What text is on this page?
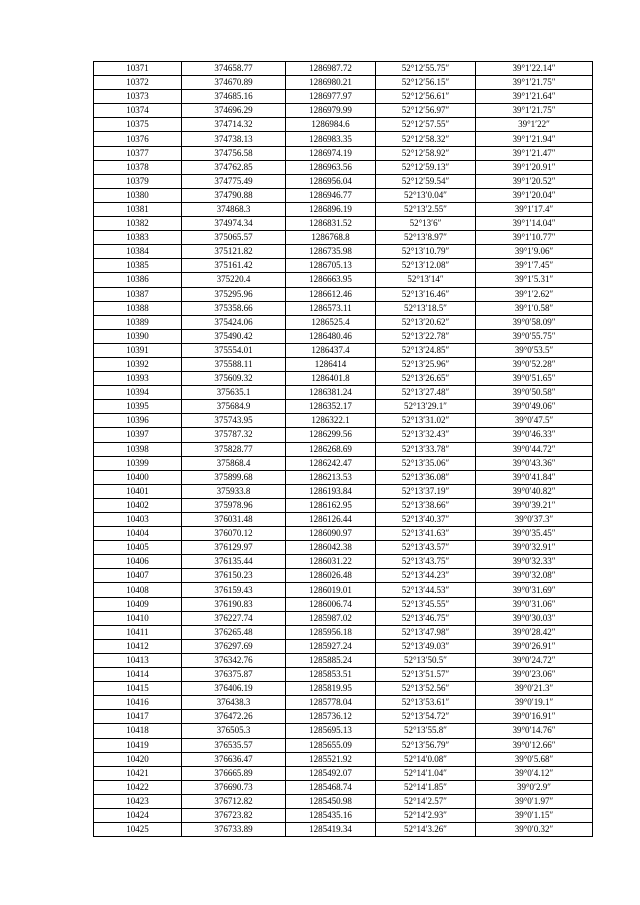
10371	374658.77	1286987.72	52°12′55.75″	39°1′22.14″
10372	374670.89	1286980.21	52°12′56.15″	39°1′21.75″
10373	374685.16	1286977.97	52°12′56.61″	39°1′21.64″
10374	374696.29	1286979.99	52°12′56.97″	39°1′21.75″
10375	374714.32	1286984.6	52°12′57.55″	39°1′22″
10376	374738.13	1286983.35	52°12′58.32″	39°1′21.94″
10377	374756.58	1286974.19	52°12′58.92″	39°1′21.47″
10378	374762.85	1286963.56	52°12′59.13″	39°1′20.91″
10379	374775.49	1286956.04	52°12′59.54″	39°1′20.52″
10380	374790.88	1286946.77	52°13′0.04″	39°1′20.04″
10381	374868.3	1286896.19	52°13′2.55″	39°1′17.4″
10382	374974.34	1286831.52	52°13′6″	39°1′14.04″
10383	375065.57	1286768.8	52°13′8.97″	39°1′10.77″
10384	375121.82	1286735.98	52°13′10.79″	39°1′9.06″
10385	375161.42	1286705.13	52°13′12.08″	39°1′7.45″
10386	375220.4	1286663.95	52°13′14″	39°1′5.31″
10387	375295.96	1286612.46	52°13′16.46″	39°1′2.62″
10388	375358.66	1286573.11	52°13′18.5″	39°1′0.58″
10389	375424.06	1286525.4	52°13′20.62″	39°0′58.09″
10390	375490.42	1286480.46	52°13′22.78″	39°0′55.75″
10391	375554.01	1286437.4	52°13′24.85″	39°0′53.5″
10392	375588.11	1286414	52°13′25.96″	39°0′52.28″
10393	375609.32	1286401.8	52°13′26.65″	39°0′51.65″
10394	375635.1	1286381.24	52°13′27.48″	39°0′50.58″
10395	375684.9	1286352.17	52°13′29.1″	39°0′49.06″
10396	375743.95	1286322.1	52°13′31.02″	39°0′47.5″
10397	375787.32	1286299.56	52°13′32.43″	39°0′46.33″
10398	375828.77	1286268.69	52°13′33.78″	39°0′44.72″
10399	375868.4	1286242.47	52°13′35.06″	39°0′43.36″
10400	375899.68	1286213.53	52°13′36.08″	39°0′41.84″
10401	375933.8	1286193.84	52°13′37.19″	39°0′40.82″
10402	375978.96	1286162.95	52°13′38.66″	39°0′39.21″
10403	376031.48	1286126.44	52°13′40.37″	39°0′37.3″
10404	376070.12	1286090.97	52°13′41.63″	39°0′35.45″
10405	376129.97	1286042.38	52°13′43.57″	39°0′32.91″
10406	376135.44	1286031.22	52°13′43.75″	39°0′32.33″
10407	376150.23	1286026.48	52°13′44.23″	39°0′32.08″
10408	376159.43	1286019.01	52°13′44.53″	39°0′31.69″
10409	376190.83	1286006.74	52°13′45.55″	39°0′31.06″
10410	376227.74	1285987.02	52°13′46.75″	39°0′30.03″
10411	376265.48	1285956.18	52°13′47.98″	39°0′28.42″
10412	376297.69	1285927.24	52°13′49.03″	39°0′26.91″
10413	376342.76	1285885.24	52°13′50.5″	39°0′24.72″
10414	376375.87	1285853.51	52°13′51.57″	39°0′23.06″
10415	376406.19	1285819.95	52°13′52.56″	39°0′21.3″
10416	376438.3	1285778.04	52°13′53.61″	39°0′19.1″
10417	376472.26	1285736.12	52°13′54.72″	39°0′16.91″
10418	376505.3	1285695.13	52°13′55.8″	39°0′14.76″
10419	376535.57	1285655.09	52°13′56.79″	39°0′12.66″
10420	376636.47	1285521.92	52°14′0.08″	39°0′5.68″
10421	376665.89	1285492.07	52°14′1.04″	39°0′4.12″
10422	376690.73	1285468.74	52°14′1.85″	39°0′2.9″
10423	376712.82	1285450.98	52°14′2.57″	39°0′1.97″
10424	376723.82	1285435.16	52°14′2.93″	39°0′1.15″
10425	376733.89	1285419.34	52°14′3.26″	39°0′0.32″
